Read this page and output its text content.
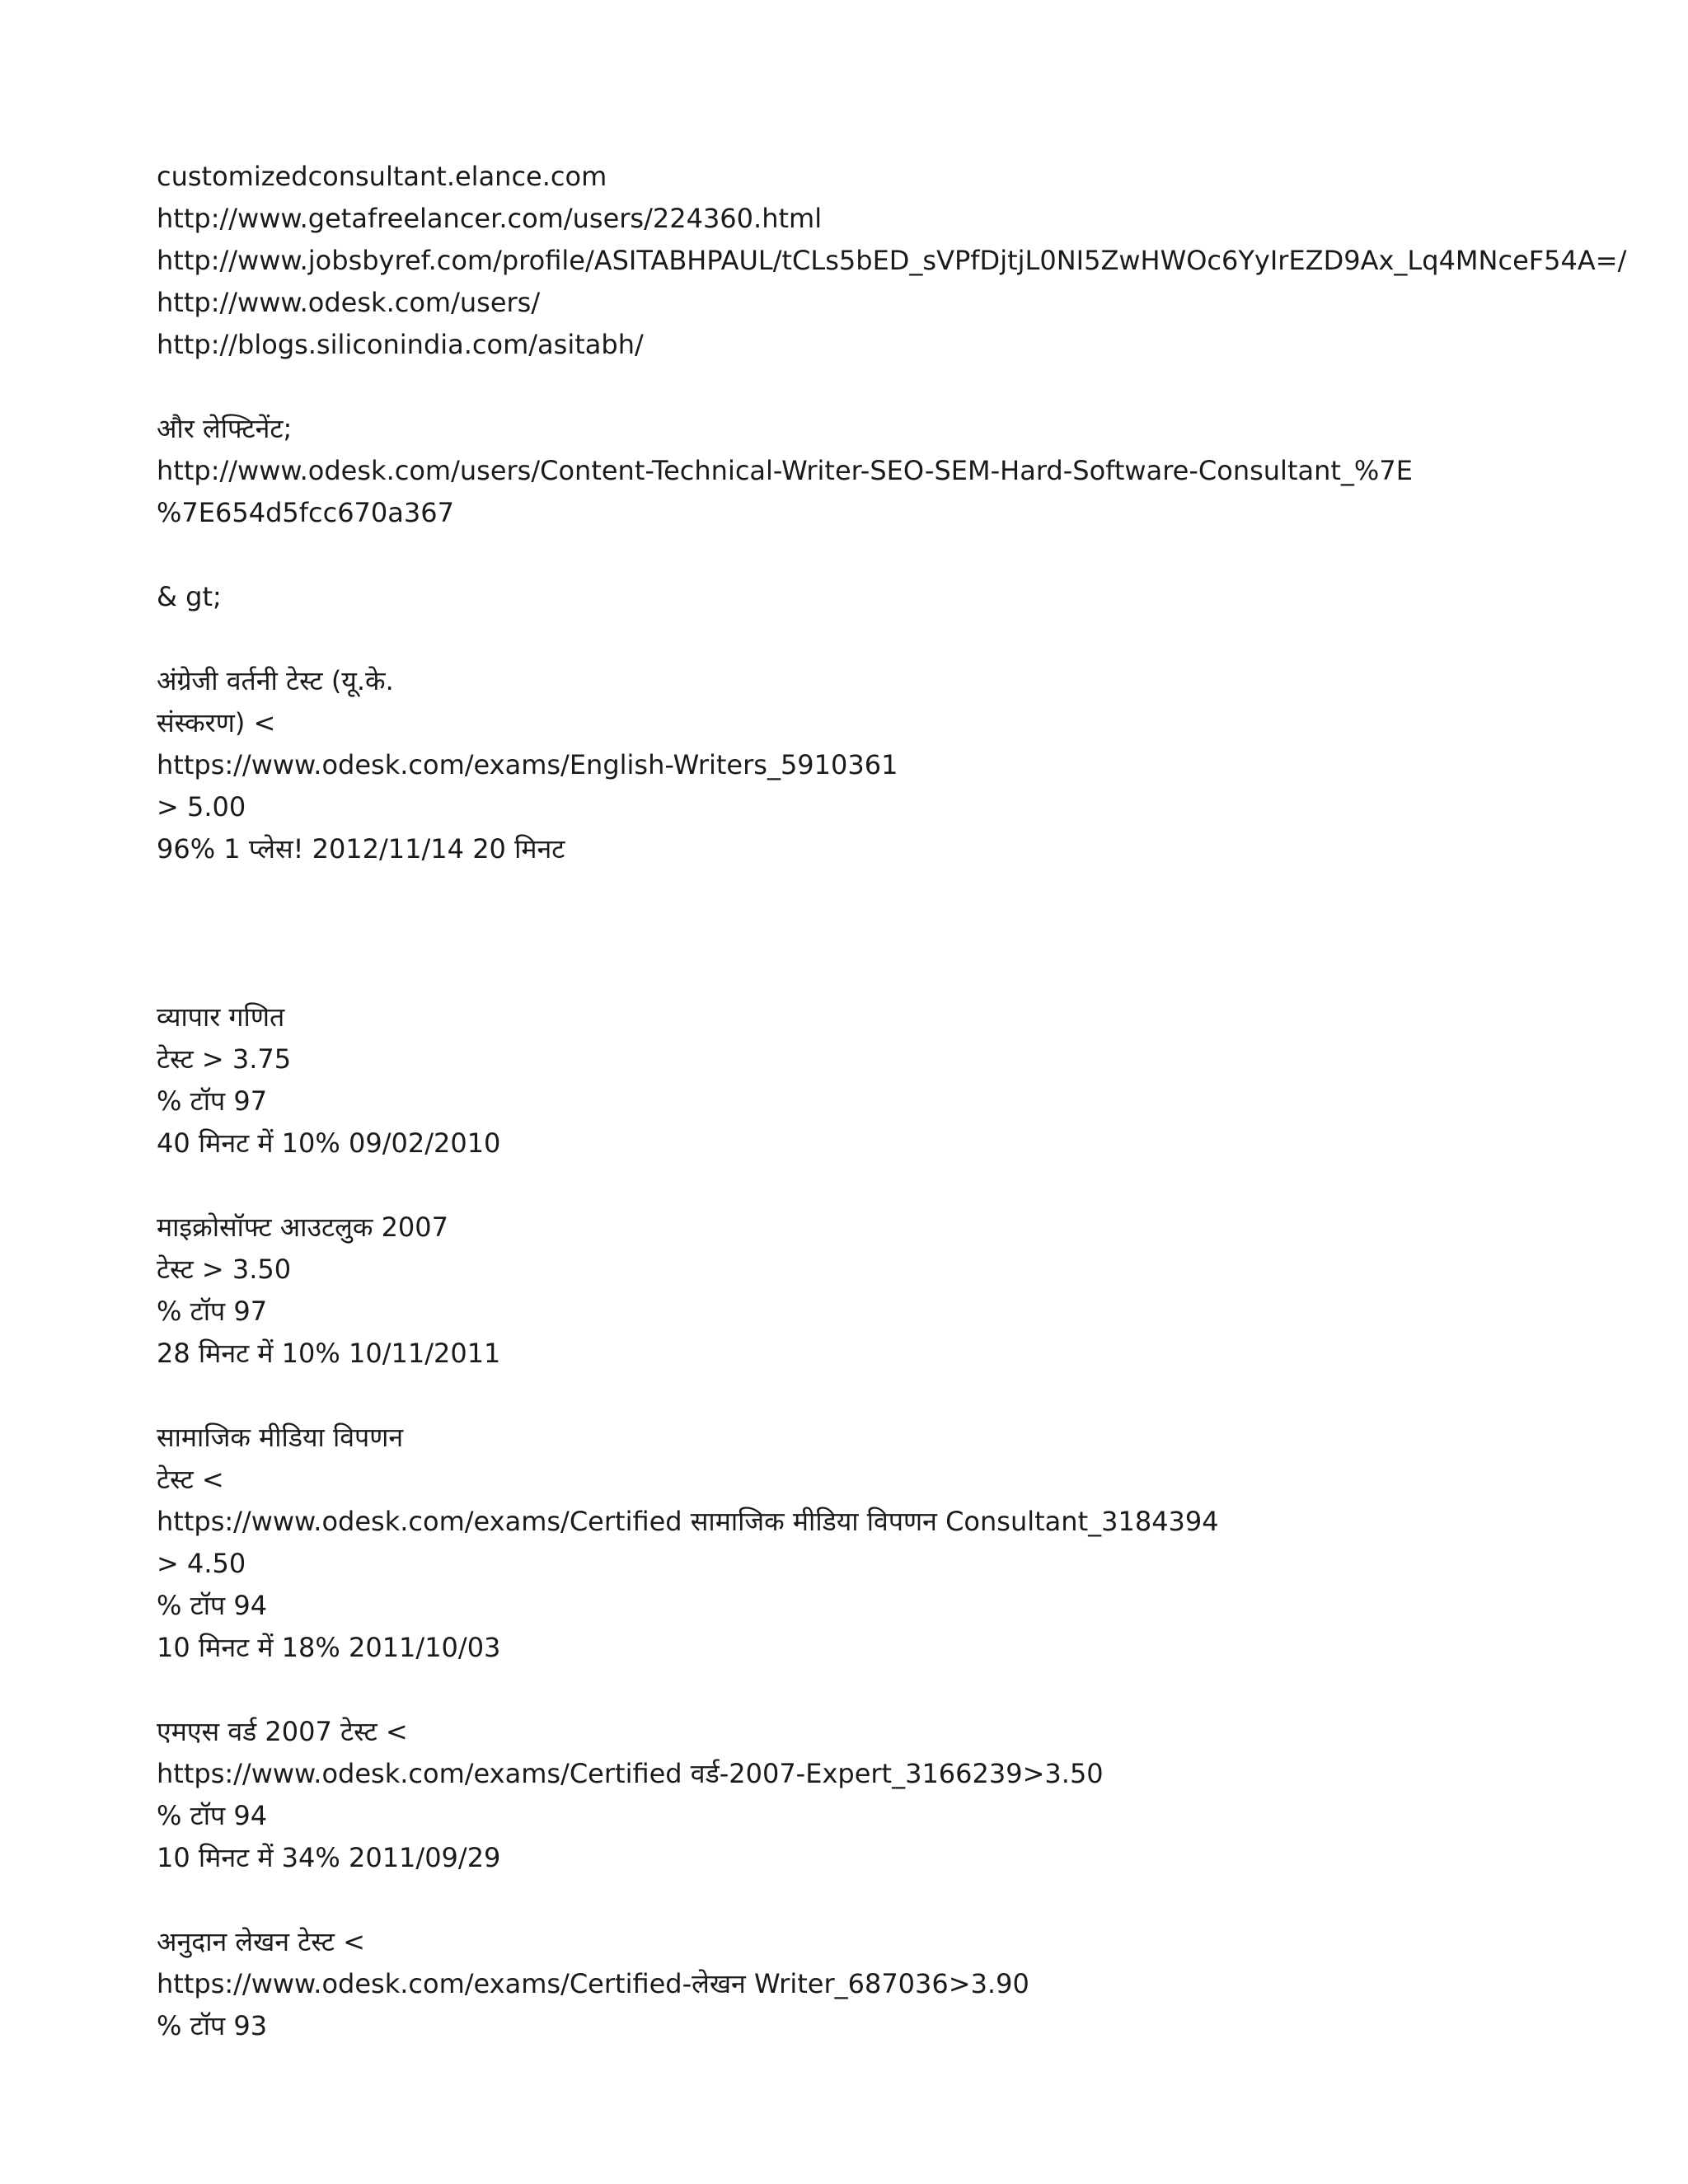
customizedconsultant.elance.com
http://www.getafreelancer.com/users/224360.html
http://www.jobsbyref.com/profile/ASITABHPAUL/tCLs5bED_sVPfDjtjL0NI5ZwHWOc6YyIrEZD9Ax_Lq4MNceF54A=/
http://www.odesk.com/users/
http://blogs.siliconindia.com/asitabh/
और लेफ्टिनेंट;
http://www.odesk.com/users/Content-Technical-Writer-SEO-SEM-Hard-Software-Consultant_%7E
%7E654d5fcc670a367
& gt;
अंग्रेजी वर्तनी टेस्ट (यू.के.
संस्करण) <
https://www.odesk.com/exams/English-Writers_5910361
> 5.00
96% 1 प्लेस! 2012/11/14 20 मिनट
व्यापार गणित
टेस्ट > 3.75
% टॉप 97
40 मिनट में 10% 09/02/2010
माइक्रोसॉफ्ट आउटलुक 2007
टेस्ट > 3.50
% टॉप 97
28 मिनट में 10% 10/11/2011
सामाजिक मीडिया विपणन
टेस्ट <
https://www.odesk.com/exams/Certified सामाजिक मीडिया विपणन Consultant_3184394
> 4.50
% टॉप 94
10 मिनट में 18% 2011/10/03
एमएस वर्ड 2007 टेस्ट <
https://www.odesk.com/exams/Certified वर्ड-2007-Expert_3166239>3.50
% टॉप 94
10 मिनट में 34% 2011/09/29
अनुदान लेखन टेस्ट <
https://www.odesk.com/exams/Certified-लेखन Writer_687036>3.90
% टॉप 93
